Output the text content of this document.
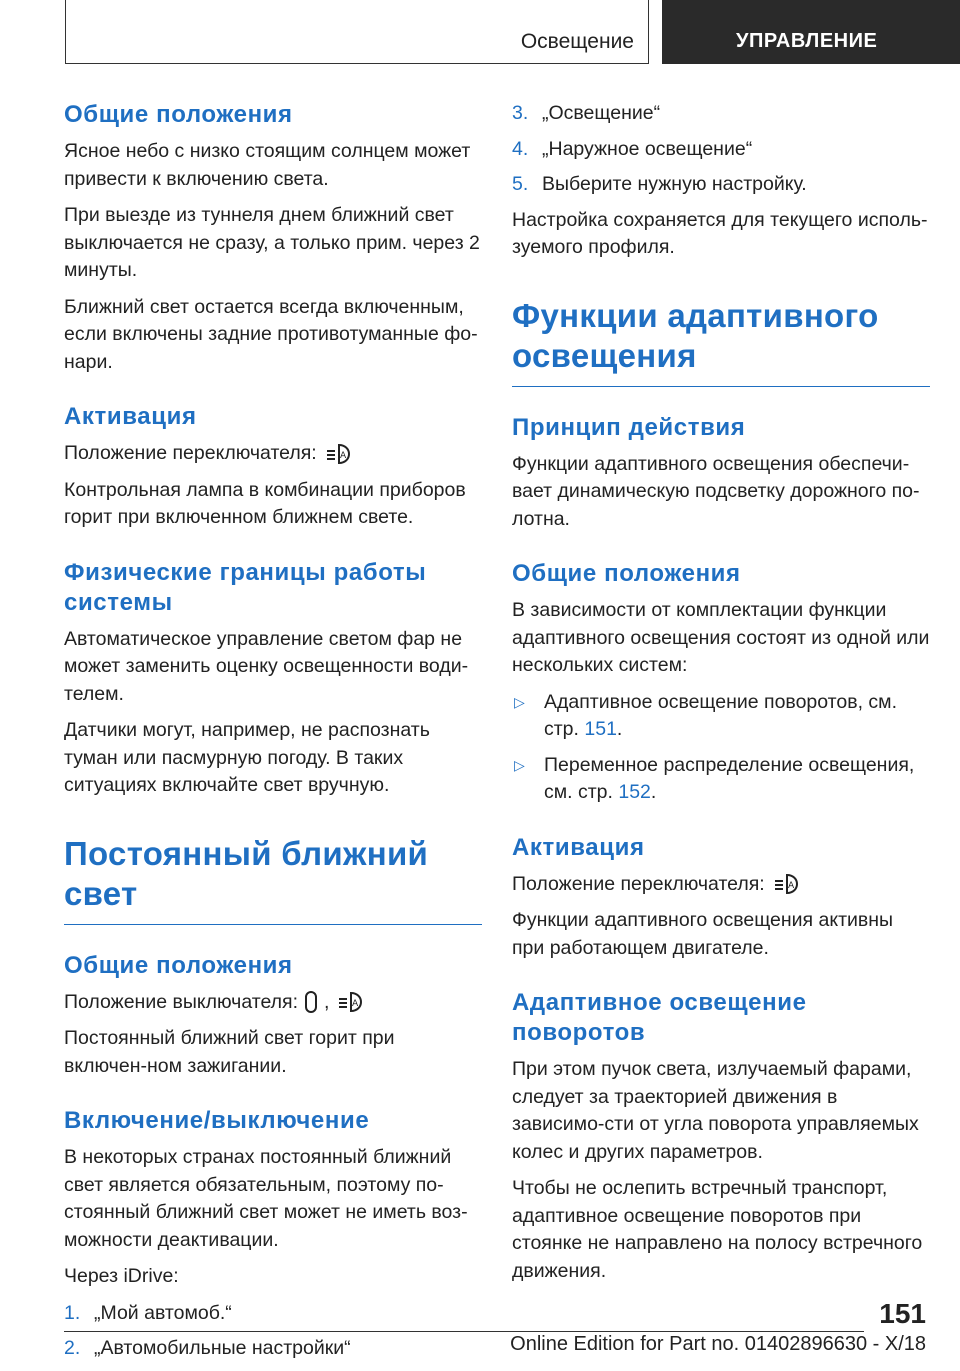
Освещение	УПРАВЛЕНИЕ
Общие положения

Ясное небо с низко стоящим солнцем может привести к включению света.

При выезде из туннеля днем ближний свет выключается не сразу, а только прим. через 2 минуты.

Ближний свет остается всегда включенным, если включены задние противотуманные фо-нари.

Активация

Положение переключателя:	A

Контрольная лампа в комбинации приборов горит при включенном ближнем свете.

Физические границы работы системы

Автоматическое управление светом фар не может заменить оценку освещенности води-телем.

Датчики могут, например, не распознать туман или пасмурную погоду. В таких ситуациях включайте свет вручную.

Постоянный ближний свет
Общие положения

Положение выключателя: ,	A

Постоянный ближний свет горит при включен-ном зажигании.

Включение/выключение

В некоторых странах постоянный ближний свет является обязательным, поэтому по-стоянный ближний свет может не иметь воз-можности деактивации.

Через iDrive:

1. „Мой автомоб.“
2. „Автомобильные настройки“
3. „Освещение“
4. „Наружное освещение“
5. Выберите нужную настройку.

Настройка сохраняется для текущего исполь-зуемого профиля.

Функции адаптивного освещения
Принцип действия

Функции адаптивного освещения обеспечи-вает динамическую подсветку дорожного по-лотна.

Общие положения

В зависимости от комплектации функции адаптивного освещения состоят из одной или нескольких систем:

▷ Адаптивное освещение поворотов, см. стр. 151.
▷ Переменное распределение освещения, см. стр. 152.
Активация

Положение переключателя:	A

Функции адаптивного освещения активны при работающем двигателе.

Адаптивное освещение поворотов

При этом пучок света, излучаемый фарами, следует за траекторией движения в зависимо-сти от угла поворота управляемых колес и других параметров.

Чтобы не ослепить встречный транспорт, адаптивное освещение поворотов при стоянке не направлено на полосу встречного движения.

151
Online Edition for Part no. 01402896630 - X/18
